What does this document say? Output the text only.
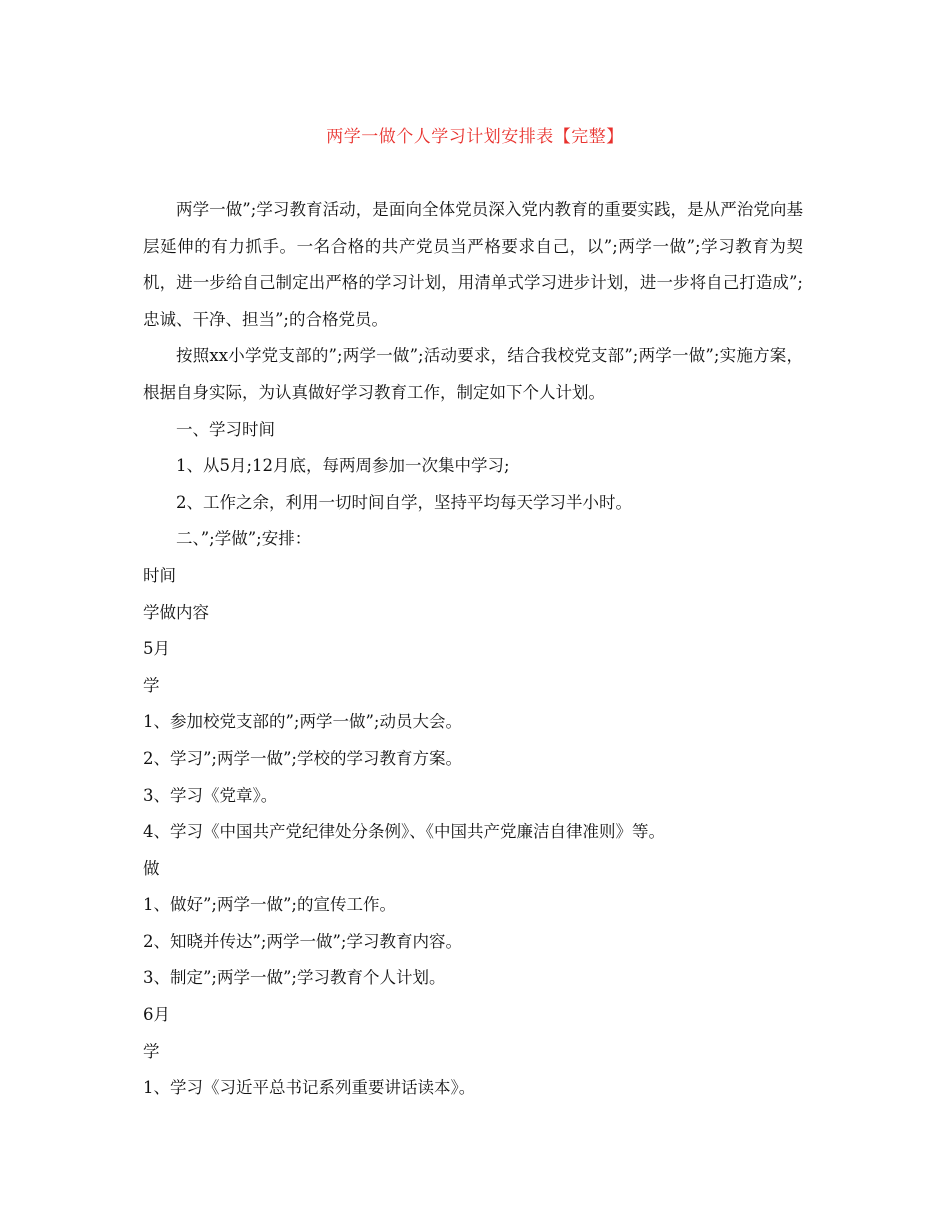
两学一做个人学习计划安排表【完整】

两学一做”;学习教育活动，是面向全体党员深入党内教育的重要实践，是从严治党向基层延伸的有力抓手。一名合格的共产党员当严格要求自己，以”;两学一做”;学习教育为契机，进一步给自己制定出严格的学习计划，用清单式学习进步计划，进一步将自己打造成”;忠诚、干净、担当”;的合格党员。

按照xx小学党支部的”;两学一做”;活动要求，结合我校党支部”;两学一做”;实施方案，根据自身实际，为认真做好学习教育工作，制定如下个人计划。

一、学习时间

1、从5月;12月底，每两周参加一次集中学习;

2、工作之余，利用一切时间自学，坚持平均每天学习半小时。

二、”;学做”;安排：

时间

学做内容

5月

学

1、参加校党支部的”;两学一做”;动员大会。
2、学习”;两学一做”;学校的学习教育方案。
3、学习《党章》。
4、学习《中国共产党纪律处分条例》、《中国共产党廉洁自律准则》等。

做

1、做好”;两学一做”;的宣传工作。
2、知晓并传达”;两学一做”;学习教育内容。
3、制定”;两学一做”;学习教育个人计划。

6月

学

1、学习《习近平总书记系列重要讲话读本》。
